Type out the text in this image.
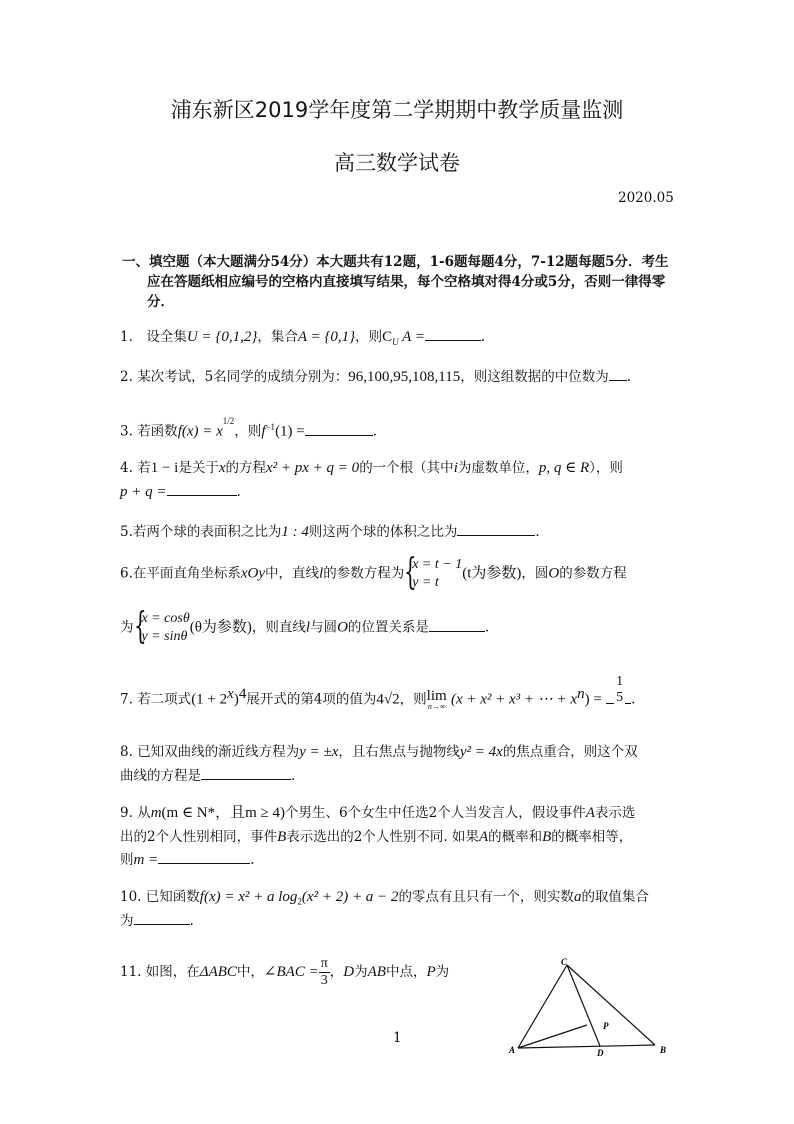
浦东新区2019学年度第二学期期中教学质量监测
高三数学试卷
2020.05
一、填空题（本大题满分54分）本大题共有12题，1-6题每题4分，7-12题每题5分．考生
应在答题纸相应编号的空格内直接填写结果，每个空格填对得4分或5分，否则一律得零
分．
1． 设全集U = {0,1,2}，集合A = {0,1}，则$C_U$ A =	.
2. 某次考试，5名同学的成绩分别为：96,100,95,108,115，则这组数据的中位数为 .
3. 若函数$f(x) = x^{1/2}$，则$f^{-1}(1)$ =	.
4. 若1 − i是关于x的方程x² + px + q = 0的一个根（其中i为虚数单位，p, q ∈ R），则
p + q =	.
5.若两个球的表面积之比为1 : 4则这两个球的体积之比为	.
6.在平面直角坐标系xOy中，直线l的参数方程为 {
x = t − 1
y = t
(t为参数)，圆O的参数方程
为 {
x = cosθ
y = sinθ
(θ为参数)，则直线l与圆O的位置关系是	.
7. 若二项式$(1 + 2^x)^4$展开式的第4项的值为4√2，则 lim
n→∞ (x + x² + x³ + ⋯ + $x^n$) =
1
5 .
8. 已知双曲线的渐近线方程为y = ±x，且右焦点与抛物线y² = 4x的焦点重合，则这个双
曲线的方程是	.
9. 从m(m ∈ N*，且m ≥ 4)个男生、6个女生中任选2个人当发言人，假设事件A表示选
出的2个人性别相同，事件B表示选出的2个人性别不同. 如果A的概率和B的概率相等，
则m =	.
10. 已知函数f(x) = x² + a $\log_2(x^2 + 2) + a - 2$的零点有且只有一个，则实数a的取值集合
为	.
11. 如图，在ΔABC中，∠BAC = $\frac{\pi}{3}$ ，D为AB中点，P为
C
P
A	D	B
1
